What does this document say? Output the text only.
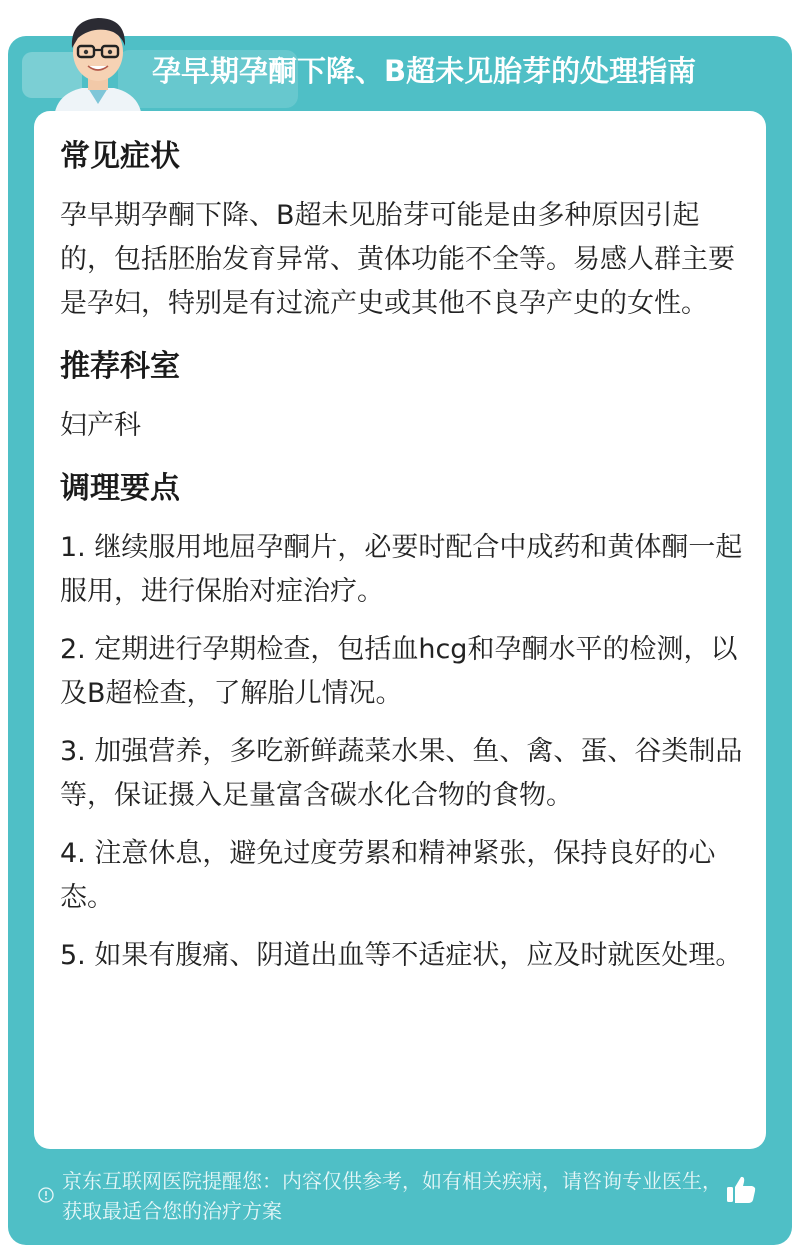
孕早期孕酮下降、B超未见胎芽的处理指南
常见症状

孕早期孕酮下降、B超未见胎芽可能是由多种原因引起的，包括胚胎发育异常、黄体功能不全等。易感人群主要是孕妇，特别是有过流产史或其他不良孕产史的女性。

推荐科室

妇产科

调理要点

1. 继续服用地屈孕酮片，必要时配合中成药和黄体酮一起服用，进行保胎对症治疗。

2. 定期进行孕期检查，包括血hcg和孕酮水平的检测，以及B超检查，了解胎儿情况。

3. 加强营养，多吃新鲜蔬菜水果、鱼、禽、蛋、谷类制品等，保证摄入足量富含碳水化合物的食物。

4. 注意休息，避免过度劳累和精神紧张，保持良好的心态。

5. 如果有腹痛、阴道出血等不适症状，应及时就医处理。

京东互联网医院提醒您：内容仅供参考，如有相关疾病，请咨询专业医生，获取最适合您的治疗方案
